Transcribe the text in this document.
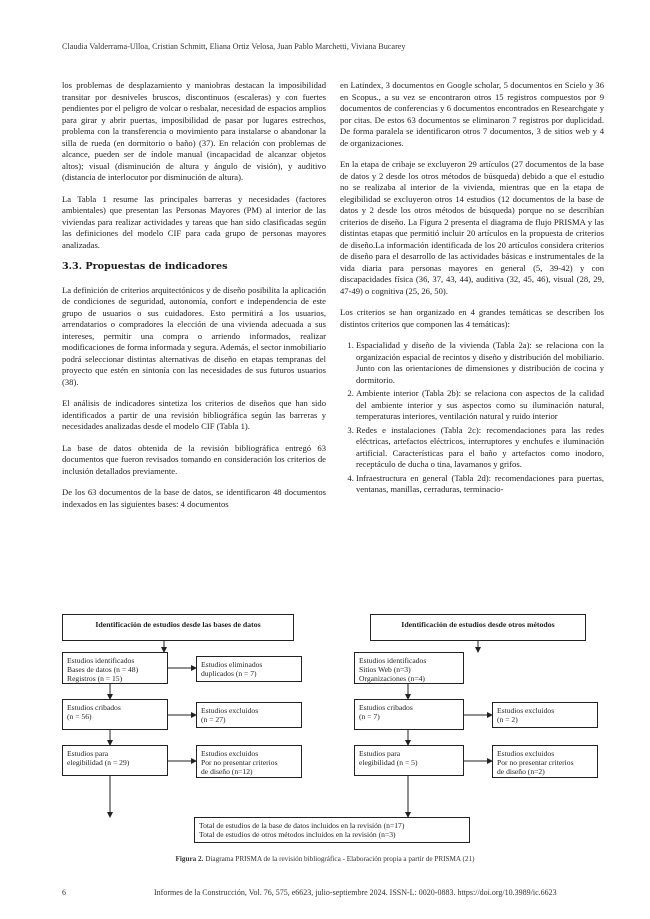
Claudia Valderrama-Ulloa, Cristian Schmitt, Eliana Ortiz Velosa, Juan Pablo Marchetti, Viviana Bucarey

los problemas de desplazamiento y maniobras destacan la imposibilidad transitar por desniveles bruscos, discontinuos (escaleras) y con fuertes pendientes por el peligro de volcar o resbalar, necesidad de espacios amplios para girar y abrir puertas, imposibilidad de pasar por lugares estrechos, problema con la transferencia o movimiento para instalarse o abandonar la silla de rueda (en dormitorio o baño) (37). En relación con problemas de alcance, pueden ser de índole manual (incapacidad de alcanzar objetos altos); visual (disminución de altura y ángulo de visión), y auditivo (distancia de interlocutor por disminución de altura).

La Tabla 1 resume las principales barreras y necesidades (factores ambientales) que presentan las Personas Mayores (PM) al interior de las viviendas para realizar actividades y tareas que han sido clasificadas según las definiciones del modelo CIF para cada grupo de personas mayores analizadas.

3.3. Propuestas de indicadores

La definición de criterios arquitectónicos y de diseño posibilita la aplicación de condiciones de seguridad, autonomía, confort e independencia de este grupo de usuarios o sus cuidadores. Esto permitirá a los usuarios, arrendatarios o compradores la elección de una vivienda adecuada a sus intereses, permitir una compra o arriendo informados, realizar modificaciones de forma informada y segura. Además, el sector inmobiliario podrá seleccionar distintas alternativas de diseño en etapas tempranas del proyecto que estén en sintonía con las necesidades de sus futuros usuarios (38).

El análisis de indicadores sintetiza los criterios de diseños que han sido identificados a partir de una revisión bibliográfica según las barreras y necesidades analizadas desde el modelo CIF (Tabla 1).

La base de datos obtenida de la revisión bibliográfica entregó 63 documentos que fueron revisados tomando en consideración los criterios de inclusión detallados previamente.

De los 63 documentos de la base de datos, se identificaron 48 documentos indexados en las siguientes bases: 4 documentos

en Latindex, 3 documentos en Google scholar, 5 documentos en Scielo y 36 en Scopus., a su vez se encontraron otros 15 registros compuestos por 9 documentos de conferencias y 6 documentos encontrados en Researchgate y por citas. De estos 63 documentos se eliminaron 7 registros por duplicidad. De forma paralela se identificaron otros 7 documentos, 3 de sitios web y 4 de organizaciones.

En la etapa de cribaje se excluyeron 29 artículos (27 documentos de la base de datos y 2 desde los otros métodos de búsqueda) debido a que el estudio no se realizaba al interior de la vivienda, mientras que en la etapa de elegibilidad se excluyeron otros 14 estudios (12 documentos de la base de datos y 2 desde los otros métodos de búsqueda) porque no se describían criterios de diseño. La Figura 2 presenta el diagrama de flujo PRISMA y las distintas etapas que permitió incluir 20 artículos en la propuesta de criterios de diseño.La información identificada de los 20 artículos considera criterios de diseño para el desarrollo de las actividades básicas e instrumentales de la vida diaria para personas mayores en general (5, 39-42) y con discapacidades física (36, 37, 43, 44), auditiva (32, 45, 46), visual (28, 29, 47-49) o cognitiva (25, 26, 50).

Los criterios se han organizado en 4 grandes temáticas se describen los distintos criterios que componen las 4 temáticas):

1. Espacialidad y diseño de la vivienda (Tabla 2a): se relaciona con la organización espacial de recintos y diseño y distribución del mobiliario. Junto con las orientaciones de dimensiones y distribución de cocina y dormitorio.
2. Ambiente interior (Tabla 2b): se relaciona con aspectos de la calidad del ambiente interior y sus aspectos como su iluminación natural, temperaturas interiores, ventilación natural y ruido interior
3. Redes e instalaciones (Tabla 2c): recomendaciones para las redes eléctricas, artefactos eléctricos, interruptores y enchufes e iluminación artificial. Características para el baño y artefactos como inodoro, receptáculo de ducha o tina, lavamanos y grifos.
4. Infraestructura en general (Tabla 2d): recomendaciones para puertas, ventanas, manillas, cerraduras, terminacio-
Identificación de estudios desde las bases de datos	Identificación de estudios desde otros métodos
Estudios identificados
Bases de datos (n = 48)
Registros (n = 15)
Estudios eliminados
duplicados (n = 7)
Estudios cribados
(n = 56)
Estudios excluidos
(n = 27)
Estudios para
elegibilidad (n = 29)
Estudios excluidos
Por no presentar criterios
de diseño (n=12)
Estudios identificados
Sitios Web (n=3)
Organizaciones (n=4)
Estudios cribados
(n = 7)
Estudios excluidos
(n = 2)
Estudios para
elegibilidad (n = 5)
Estudios excluidos
Por no presentar criterios
de diseño (n=2)
Total de estudios de la base de datos incluidos en la revisión (n=17)
Total de estudios de otros métodos incluidos en la revisión (n=3)
Figura 2. Diagrama PRISMA de la revisión bibliográfica - Elaboración propia a partir de PRISMA (21)
6	Informes de la Construcción, Vol. 76, 575, e6623, julio-septiembre 2024. ISSN-L: 0020-0883. https://doi.org/10.3989/ic.6623
